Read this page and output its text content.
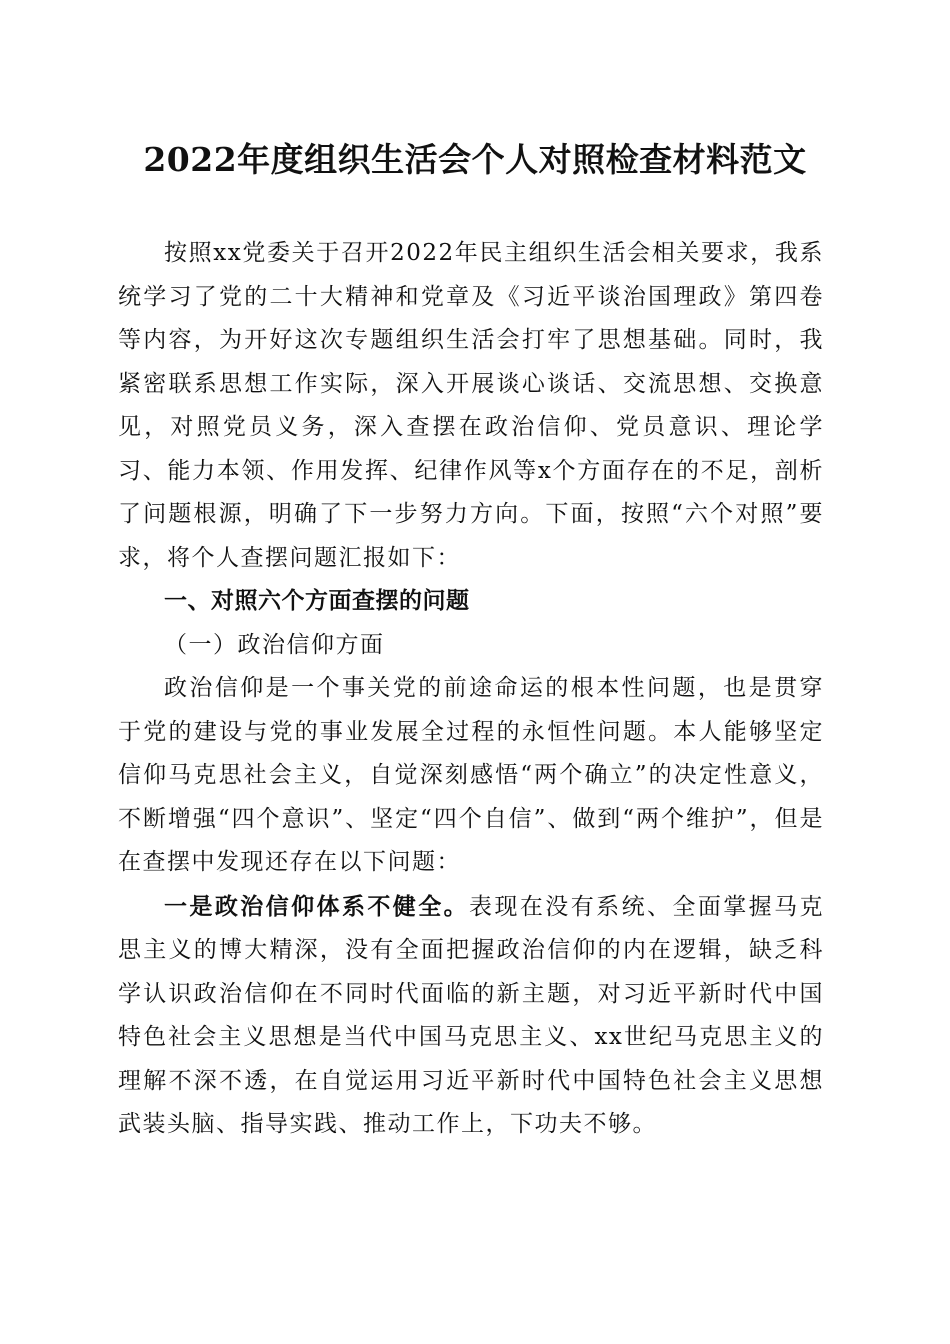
2022年度组织生活会个人对照检查材料范文

按照xx党委关于召开2022年民主组织生活会相关要求，我系统学习了党的二十大精神和党章及《习近平谈治国理政》第四卷等内容，为开好这次专题组织生活会打牢了思想基础。同时，我紧密联系思想工作实际，深入开展谈心谈话、交流思想、交换意见，对照党员义务，深入查摆在政治信仰、党员意识、理论学习、能力本领、作用发挥、纪律作风等x个方面存在的不足，剖析了问题根源，明确了下一步努力方向。下面，按照“六个对照”要求，将个人查摆问题汇报如下：

一、对照六个方面查摆的问题
（一）政治信仰方面

政治信仰是一个事关党的前途命运的根本性问题，也是贯穿于党的建设与党的事业发展全过程的永恒性问题。本人能够坚定信仰马克思社会主义，自觉深刻感悟“两个确立”的决定性意义，不断增强“四个意识”、坚定“四个自信”、做到“两个维护”，但是在查摆中发现还存在以下问题：

一是政治信仰体系不健全。表现在没有系统、全面掌握马克思主义的博大精深，没有全面把握政治信仰的内在逻辑，缺乏科学认识政治信仰在不同时代面临的新主题，对习近平新时代中国特色社会主义思想是当代中国马克思主义、xx世纪马克思主义的理解不深不透，在自觉运用习近平新时代中国特色社会主义思想武装头脑、指导实践、推动工作上，下功夫不够。
